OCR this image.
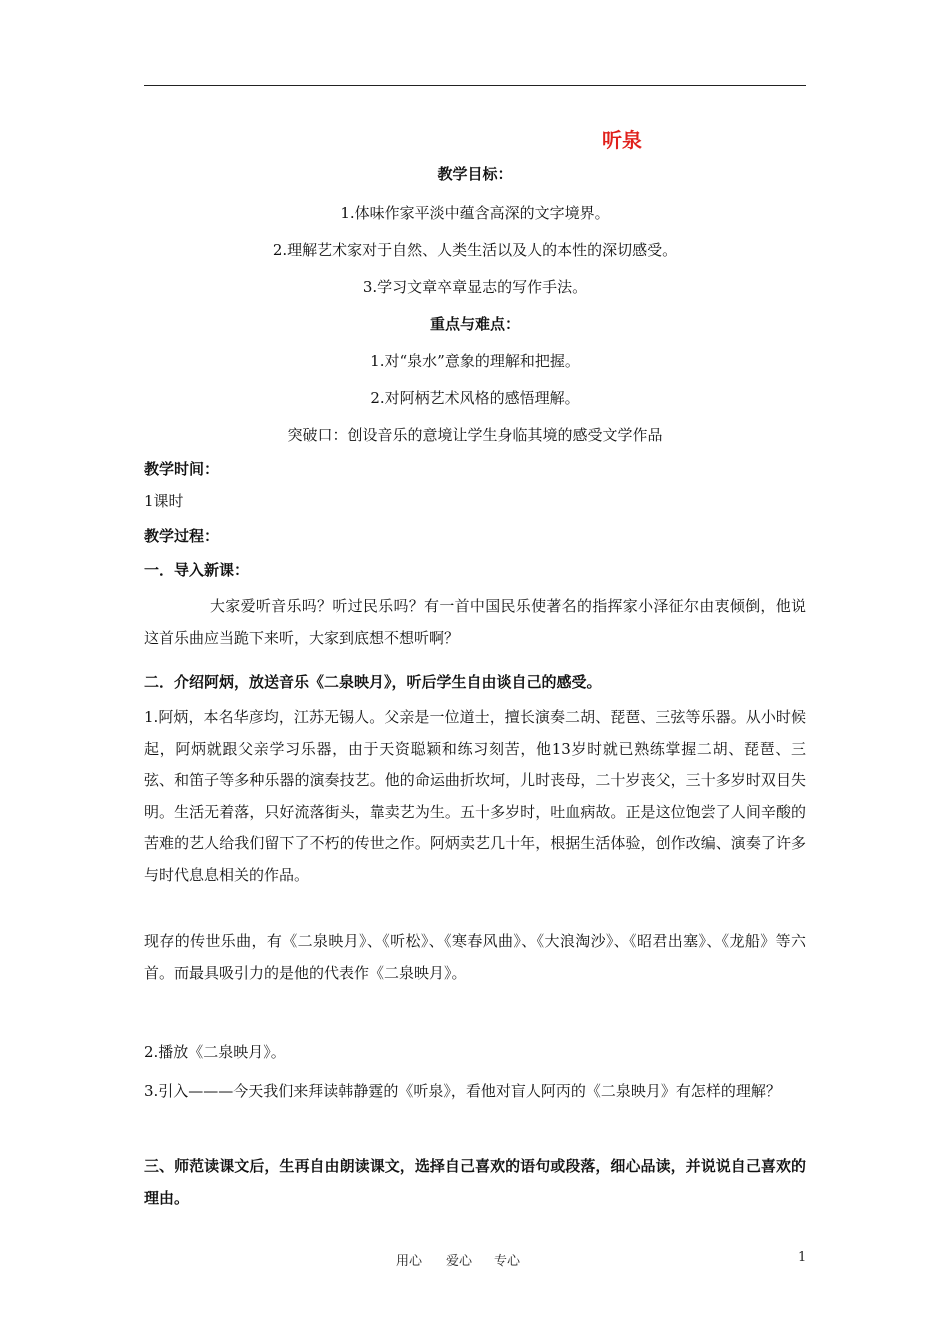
听泉
教学目标：
1.体味作家平淡中蕴含高深的文字境界。
2.理解艺术家对于自然、人类生活以及人的本性的深切感受。
3.学习文章卒章显志的写作手法。
重点与难点：
1.对“泉水”意象的理解和把握。
2.对阿柄艺术风格的感悟理解。
突破口：创设音乐的意境让学生身临其境的感受文学作品
教学时间：
1课时
教学过程：
一．导入新课：
大家爱听音乐吗？听过民乐吗？有一首中国民乐使著名的指挥家小泽征尔由衷倾倒，他说这首乐曲应当跪下来听，大家到底想不想听啊？
二．介绍阿炳，放送音乐《二泉映月》，听后学生自由谈自己的感受。
1.阿炳，本名华彦均，江苏无锡人。父亲是一位道士，擅长演奏二胡、琵琶、三弦等乐器。从小时候起，阿炳就跟父亲学习乐器，由于天资聪颖和练习刻苦，他13岁时就已熟练掌握二胡、琵琶、三弦、和笛子等多种乐器的演奏技艺。他的命运曲折坎坷，儿时丧母，二十岁丧父，三十多岁时双目失明。生活无着落，只好流落街头，靠卖艺为生。五十多岁时，吐血病故。正是这位饱尝了人间辛酸的苦难的艺人给我们留下了不朽的传世之作。阿炳卖艺几十年，根据生活体验，创作改编、演奏了许多与时代息息相关的作品。
现存的传世乐曲，有《二泉映月》、《听松》、《寒春风曲》、《大浪淘沙》、《昭君出塞》、《龙船》等六首。而最具吸引力的是他的代表作《二泉映月》。
2.播放《二泉映月》。
3.引入———今天我们来拜读韩静霆的《听泉》，看他对盲人阿丙的《二泉映月》有怎样的理解？
三、师范读课文后，生再自由朗读课文，选择自己喜欢的语句或段落，细心品读，并说说自己喜欢的理由。
用心 爱心 专心	1
